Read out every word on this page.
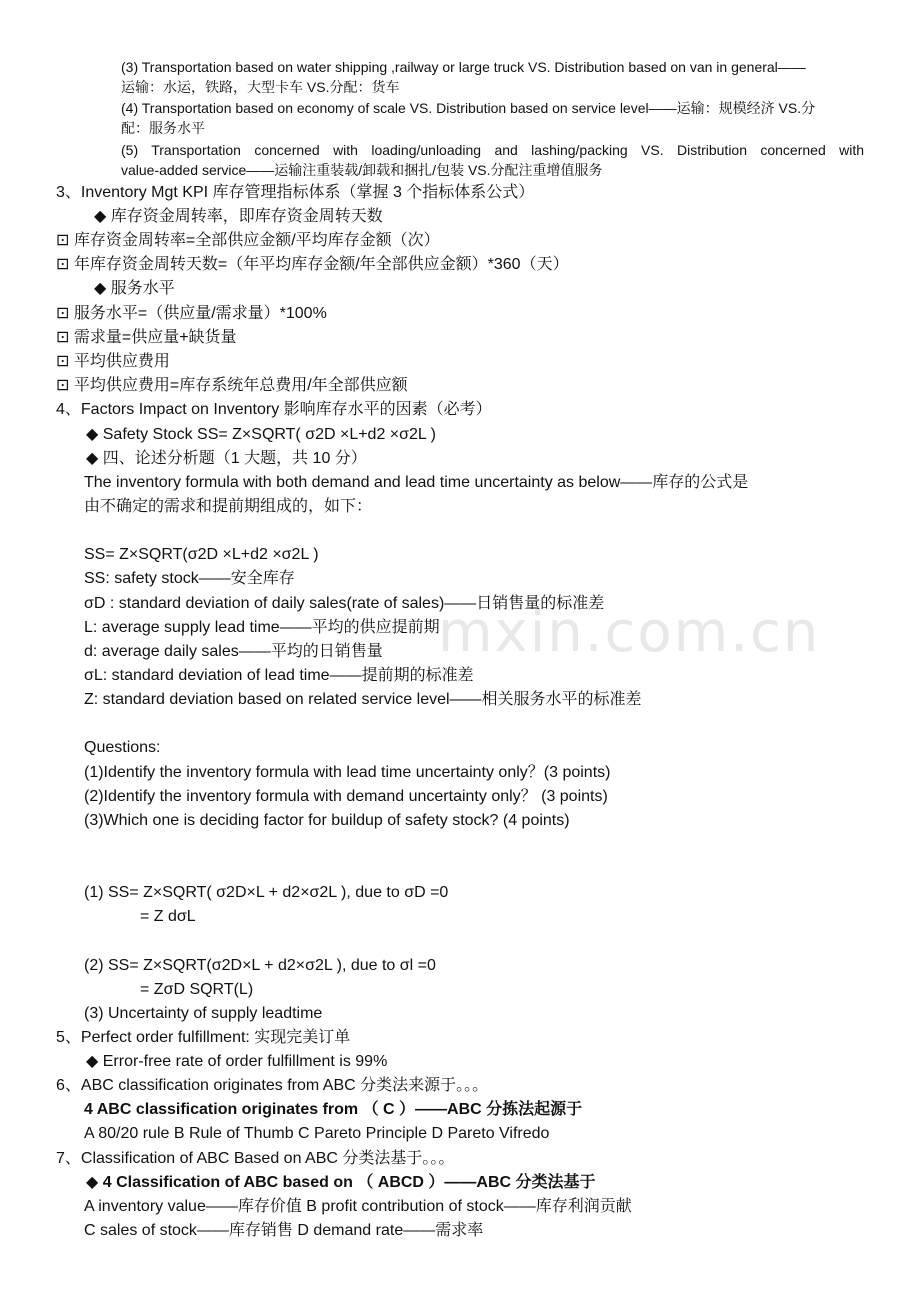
mxin.com.cn
(3) Transportation based on water shipping ,railway or large truck VS. Distribution based on van in general——
运输：水运，铁路，大型卡车 VS.分配：货车
(4) Transportation based on economy of scale VS. Distribution based on service level——运输：规模经济 VS.分
配：服务水平
(5) Transportation concerned with loading/unloading and lashing/packing VS. Distribution concerned with
value-added service——运输注重装载/卸载和捆扎/包装 VS.分配注重增值服务
3、Inventory Mgt KPI 库存管理指标体系（掌握 3 个指标体系公式）
◆ 库存资金周转率，即库存资金周转天数
⊡ 库存资金周转率=全部供应金额/平均库存金额（次）
⊡ 年库存资金周转天数=（年平均库存金额/年全部供应金额）*360（天）
◆ 服务水平
⊡ 服务水平=（供应量/需求量）*100%
⊡ 需求量=供应量+缺货量
⊡ 平均供应费用
⊡ 平均供应费用=库存系统年总费用/年全部供应额
4、Factors Impact on Inventory 影响库存水平的因素（必考）
◆ Safety Stock SS= Z×SQRT( σ2D ×L+d2 ×σ2L )
◆ 四、论述分析题（1 大题，共 10 分）
The inventory formula with both demand and lead time uncertainty as below——库存的公式是
由不确定的需求和提前期组成的，如下：
SS= Z×SQRT(σ2D ×L+d2 ×σ2L )
SS: safety stock——安全库存
σD : standard deviation of daily sales(rate of sales)——日销售量的标准差
L: average supply lead time——平均的供应提前期
d: average daily sales——平均的日销售量
σL: standard deviation of lead time——提前期的标准差
Z: standard deviation based on related service level——相关服务水平的标准差
Questions:
(1)Identify the inventory formula with lead time uncertainty only？(3 points)
(2)Identify the inventory formula with demand uncertainty only？ (3 points)
(3)Which one is deciding factor for buildup of safety stock? (4 points)
(1) SS= Z×SQRT( σ2D×L + d2×σ2L ), due to σD =0
= Z dσL
(2) SS= Z×SQRT(σ2D×L + d2×σ2L ), due to σl =0
= ZσD SQRT(L)
(3) Uncertainty of supply leadtime
5、Perfect order fulfillment: 实现完美订单
◆ Error-free rate of order fulfillment is 99%
6、ABC classification originates from ABC 分类法来源于。。。
4 ABC classification originates from （ C ）——ABC 分拣法起源于
A 80/20 rule B Rule of Thumb C Pareto Principle D Pareto Vifredo
7、Classification of ABC Based on ABC 分类法基于。。。
◆ 4 Classification of ABC based on （ ABCD ）——ABC 分类法基于
A inventory value——库存价值 B profit contribution of stock——库存利润贡献
C sales of stock——库存销售 D demand rate——需求率
